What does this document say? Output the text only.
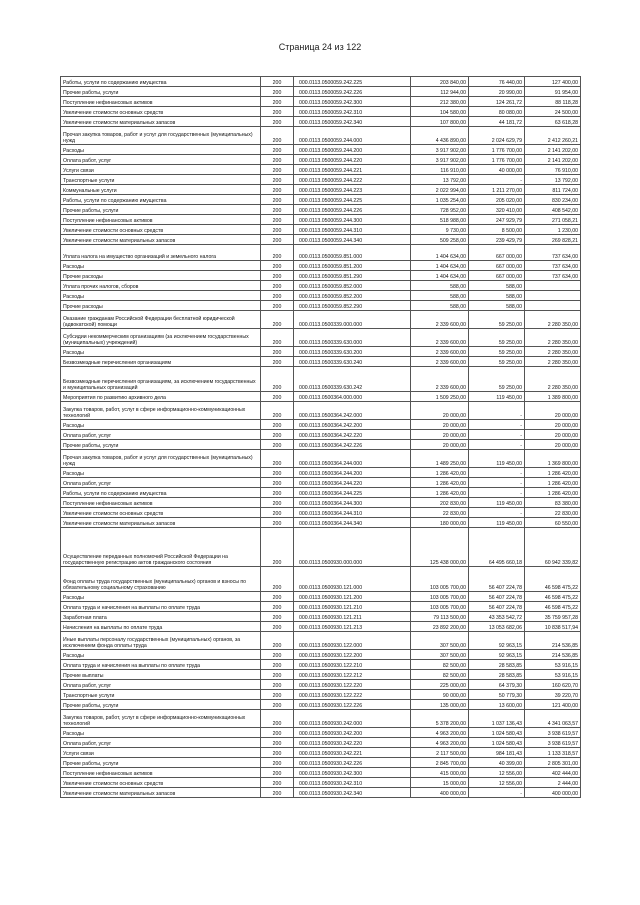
Страница 24 из 122
Работы, услуги по содержанию имущества	200	000.0113.0500059.242.225	203 840,00	76 440,00	127 400,00
Прочие работы, услуги	200	000.0113.0500059.242.226	112 944,00	20 990,00	91 954,00
Поступление нефинансовых активов	200	000.0113.0500059.242.300	212 380,00	124 261,72	88 118,28
Увеличение стоимости основных средств	200	000.0113.0500059.242.310	104 580,00	80 080,00	24 500,00
Увеличение стоимости материальных запасов	200	000.0113.0500059.242.340	107 800,00	44 181,72	63 618,28
Прочая закупка товаров, работ и услуг для государственных (муниципальных) нужд	200	000.0113.0500059.244.000	4 436 890,00	2 024 629,79	2 412 260,21
Расходы	200	000.0113.0500059.244.200	3 917 902,00	1 776 700,00	2 141 202,00
Оплата работ, услуг	200	000.0113.0500059.244.220	3 917 902,00	1 776 700,00	2 141 202,00
Услуги связи	200	000.0113.0500059.244.221	116 910,00	40 000,00	76 910,00
Транспортные услуги	200	000.0113.0500059.244.222	13 792,00	-	13 792,00
Коммунальные услуги	200	000.0113.0500059.244.223	2 022 994,00	1 211 270,00	811 724,00
Работы, услуги по содержанию имущества	200	000.0113.0500059.244.225	1 035 254,00	205 020,00	830 234,00
Прочие работы, услуги	200	000.0113.0500059.244.226	728 952,00	320 410,00	408 542,00
Поступление нефинансовых активов	200	000.0113.0500059.244.300	518 988,00	247 929,79	271 058,21
Увеличение стоимости основных средств	200	000.0113.0500059.244.310	9 730,00	8 500,00	1 230,00
Увеличение стоимости материальных запасов	200	000.0113.0500059.244.340	509 258,00	239 429,79	269 828,21
Уплата налога на имущество организаций и земельного налога	200	000.0113.0500059.851.000	1 404 634,00	667 000,00	737 634,00
Расходы	200	000.0113.0500059.851.200	1 404 634,00	667 000,00	737 634,00
Прочие расходы	200	000.0113.0500059.851.290	1 404 634,00	667 000,00	737 634,00
Уплата прочих налогов, сборов	200	000.0113.0500059.852.000	588,00	588,00	
Расходы	200	000.0113.0500059.852.200	588,00	588,00	
Прочие расходы	200	000.0113.0500059.852.290	588,00	588,00	
Оказание гражданам Российской Федерации бесплатной юридической (адвокатской) помощи	200	000.0113.0500339.000.000	2 339 600,00	59 250,00	2 280 350,00
Субсидии некоммерческим организациям (за исключением государственных (муниципальных) учреждений)	200	000.0113.0500339.630.000	2 339 600,00	59 250,00	2 280 350,00
Расходы	200	000.0113.0500339.630.200	2 339 600,00	59 250,00	2 280 350,00
Безвозмездные перечисления организациям	200	000.0113.0500339.630.240	2 339 600,00	59 250,00	2 280 350,00
Безвозмездные перечисления организациям, за исключением государственных и муниципальных организаций	200	000.0113.0500339.630.242	2 339 600,00	59 250,00	2 280 350,00
Мероприятия по развитию архивного дела	200	000.0113.0500364.000.000	1 509 250,00	119 450,00	1 389 800,00
Закупка товаров, работ, услуг в сфере информационно-коммуникационных технологий	200	000.0113.0500364.242.000	20 000,00	-	20 000,00
Расходы	200	000.0113.0500364.242.200	20 000,00	-	20 000,00
Оплата работ, услуг	200	000.0113.0500364.242.220	20 000,00	-	20 000,00
Прочие работы, услуги	200	000.0113.0500364.242.226	20 000,00	-	20 000,00
Прочая закупка товаров, работ и услуг для государственных (муниципальных) нужд	200	000.0113.0500364.244.000	1 489 250,00	119 450,00	1 369 800,00
Расходы	200	000.0113.0500364.244.200	1 286 420,00	-	1 286 420,00
Оплата работ, услуг	200	000.0113.0500364.244.220	1 286 420,00	-	1 286 420,00
Работы, услуги по содержанию имущества	200	000.0113.0500364.244.225	1 286 420,00	-	1 286 420,00
Поступление нефинансовых активов	200	000.0113.0500364.244.300	202 830,00	119 450,00	83 380,00
Увеличение стоимости основных средств	200	000.0113.0500364.244.310	22 830,00	-	22 830,00
Увеличение стоимости материальных запасов	200	000.0113.0500364.244.340	180 000,00	119 450,00	60 550,00
Осуществление переданных полномочий Российской Федерации на государственную регистрацию актов гражданского состояния	200	000.0113.0500930.000.000	125 438 000,00	64 495 660,18	60 942 339,82
Фонд оплаты труда государственных (муниципальных) органов и взносы по обязательному социальному страхованию	200	000.0113.0500930.121.000	103 005 700,00	56 407 224,78	46 598 475,22
Расходы	200	000.0113.0500930.121.200	103 005 700,00	56 407 224,78	46 598 475,22
Оплата труда и начисления на выплаты по оплате труда	200	000.0113.0500930.121.210	103 005 700,00	56 407 224,78	46 598 475,22
Заработная плата	200	000.0113.0500930.121.211	79 113 500,00	43 353 542,72	35 759 957,28
Начисления на выплаты по оплате труда	200	000.0113.0500930.121.213	23 892 200,00	13 053 682,06	10 838 517,94
Иные выплаты персоналу государственных (муниципальных) органов, за исключением фонда оплаты труда	200	000.0113.0500930.122.000	307 500,00	92 963,15	214 536,85
Расходы	200	000.0113.0500930.122.200	307 500,00	92 963,15	214 536,85
Оплата труда и начисления на выплаты по оплате труда	200	000.0113.0500930.122.210	82 500,00	28 583,85	53 916,15
Прочие выплаты	200	000.0113.0500930.122.212	82 500,00	28 583,85	53 916,15
Оплата работ, услуг	200	000.0113.0500930.122.220	225 000,00	64 379,30	160 620,70
Транспортные услуги	200	000.0113.0500930.122.222	90 000,00	50 779,30	39 220,70
Прочие работы, услуги	200	000.0113.0500930.122.226	135 000,00	13 600,00	121 400,00
Закупка товаров, работ, услуг в сфере информационно-коммуникационных технологий	200	000.0113.0500930.242.000	5 378 200,00	1 037 136,43	4 341 063,57
Расходы	200	000.0113.0500930.242.200	4 963 200,00	1 024 580,43	3 938 619,57
Оплата работ, услуг	200	000.0113.0500930.242.220	4 963 200,00	1 024 580,43	3 938 619,57
Услуги связи	200	000.0113.0500930.242.221	2 117 500,00	984 181,43	1 133 318,57
Прочие работы, услуги	200	000.0113.0500930.242.226	2 845 700,00	40 399,00	2 805 301,00
Поступление нефинансовых активов	200	000.0113.0500930.242.300	415 000,00	12 556,00	402 444,00
Увеличение стоимости основных средств	200	000.0113.0500930.242.310	15 000,00	12 556,00	2 444,00
Увеличение стоимости материальных запасов	200	000.0113.0500930.242.340	400 000,00	-	400 000,00
